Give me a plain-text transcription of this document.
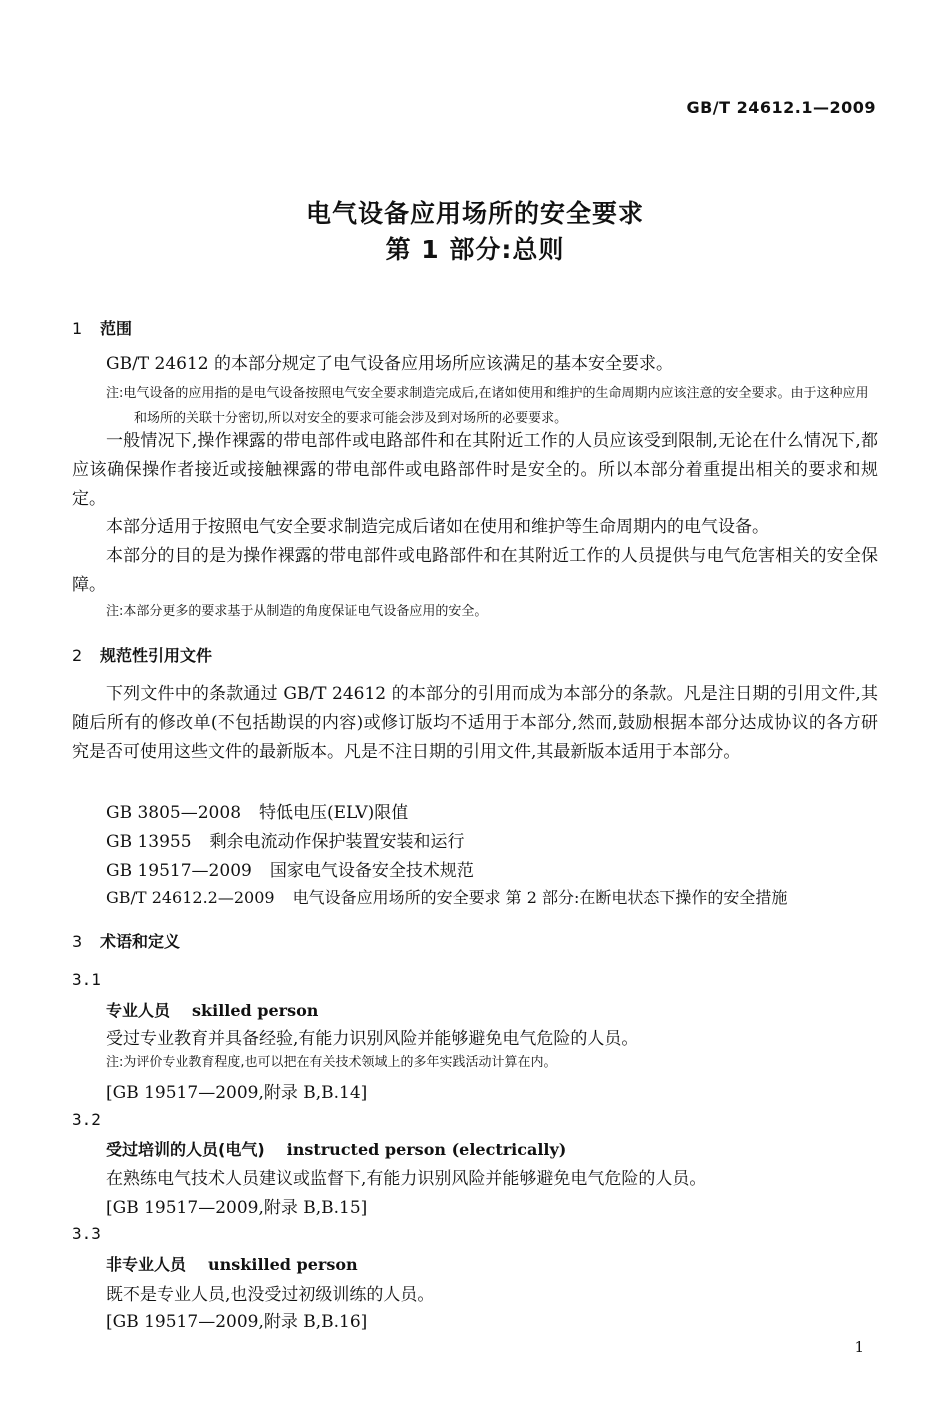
GB/T 24612.1—2009
电气设备应用场所的安全要求
第 1 部分:总则
1 范围
GB/T 24612 的本部分规定了电气设备应用场所应该满足的基本安全要求。
注:电气设备的应用指的是电气设备按照电气安全要求制造完成后,在诸如使用和维护的生命周期内应该注意的安全要求。由于这种应用和场所的关联十分密切,所以对安全的要求可能会涉及到对场所的必要要求。
一般情况下,操作裸露的带电部件或电路部件和在其附近工作的人员应该受到限制,无论在什么情况下,都应该确保操作者接近或接触裸露的带电部件或电路部件时是安全的。所以本部分着重提出相关的要求和规定。
本部分适用于按照电气安全要求制造完成后诸如在使用和维护等生命周期内的电气设备。
本部分的目的是为操作裸露的带电部件或电路部件和在其附近工作的人员提供与电气危害相关的安全保障。
注:本部分更多的要求基于从制造的角度保证电气设备应用的安全。
2 规范性引用文件
下列文件中的条款通过 GB/T 24612 的本部分的引用而成为本部分的条款。凡是注日期的引用文件,其随后所有的修改单(不包括勘误的内容)或修订版均不适用于本部分,然而,鼓励根据本部分达成协议的各方研究是否可使用这些文件的最新版本。凡是不注日期的引用文件,其最新版本适用于本部分。
GB 3805—2008 特低电压(ELV)限值
GB 13955 剩余电流动作保护装置安装和运行
GB 19517—2009 国家电气设备安全技术规范
GB/T 24612.2—2009 电气设备应用场所的安全要求 第 2 部分:在断电状态下操作的安全措施
3 术语和定义
3.1
专业人员 skilled person
受过专业教育并具备经验,有能力识别风险并能够避免电气危险的人员。
注:为评价专业教育程度,也可以把在有关技术领域上的多年实践活动计算在内。
[GB 19517—2009,附录 B,B.14]
3.2
受过培训的人员(电气) instructed person (electrically)
在熟练电气技术人员建议或监督下,有能力识别风险并能够避免电气危险的人员。
[GB 19517—2009,附录 B,B.15]
3.3
非专业人员 unskilled person
既不是专业人员,也没受过初级训练的人员。
[GB 19517—2009,附录 B,B.16]
1
